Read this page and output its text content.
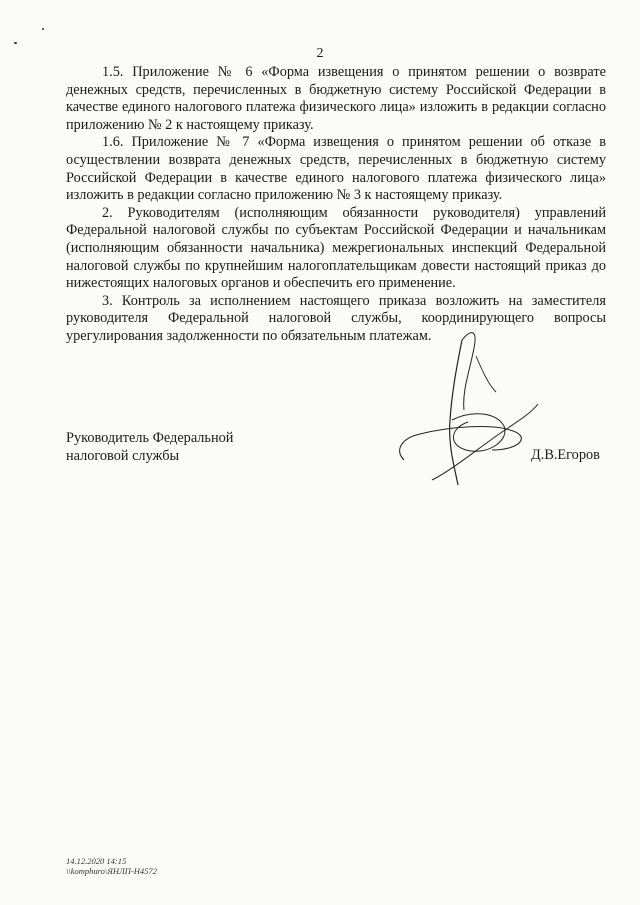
2

1.5. Приложение № 6 «Форма извещения о принятом решении о возврате денежных средств, перечисленных в бюджетную систему Российской Федерации в качестве единого налогового платежа физического лица» изложить в редакции согласно приложению № 2 к настоящему приказу.

1.6. Приложение № 7 «Форма извещения о принятом решении об отказе в осуществлении возврата денежных средств, перечисленных в бюджетную систему Российской Федерации в качестве единого налогового платежа физического лица» изложить в редакции согласно приложению № 3 к настоящему приказу.

2. Руководителям (исполняющим обязанности руководителя) управлений Федеральной налоговой службы по субъектам Российской Федерации и начальникам (исполняющим обязанности начальника) межрегиональных инспекций Федеральной налоговой службы по крупнейшим налогоплательщикам довести настоящий приказ до нижестоящих налоговых органов и обеспечить его применение.

3. Контроль за исполнением настоящего приказа возложить на заместителя руководителя Федеральной налоговой службы, координирующего вопросы урегулирования задолженности по обязательным платежам.

Руководитель Федеральной
налоговой службы	Д.В.Егоров
14.12.2020 14:15
\\komphuro\ЯНЛП-Н4572
